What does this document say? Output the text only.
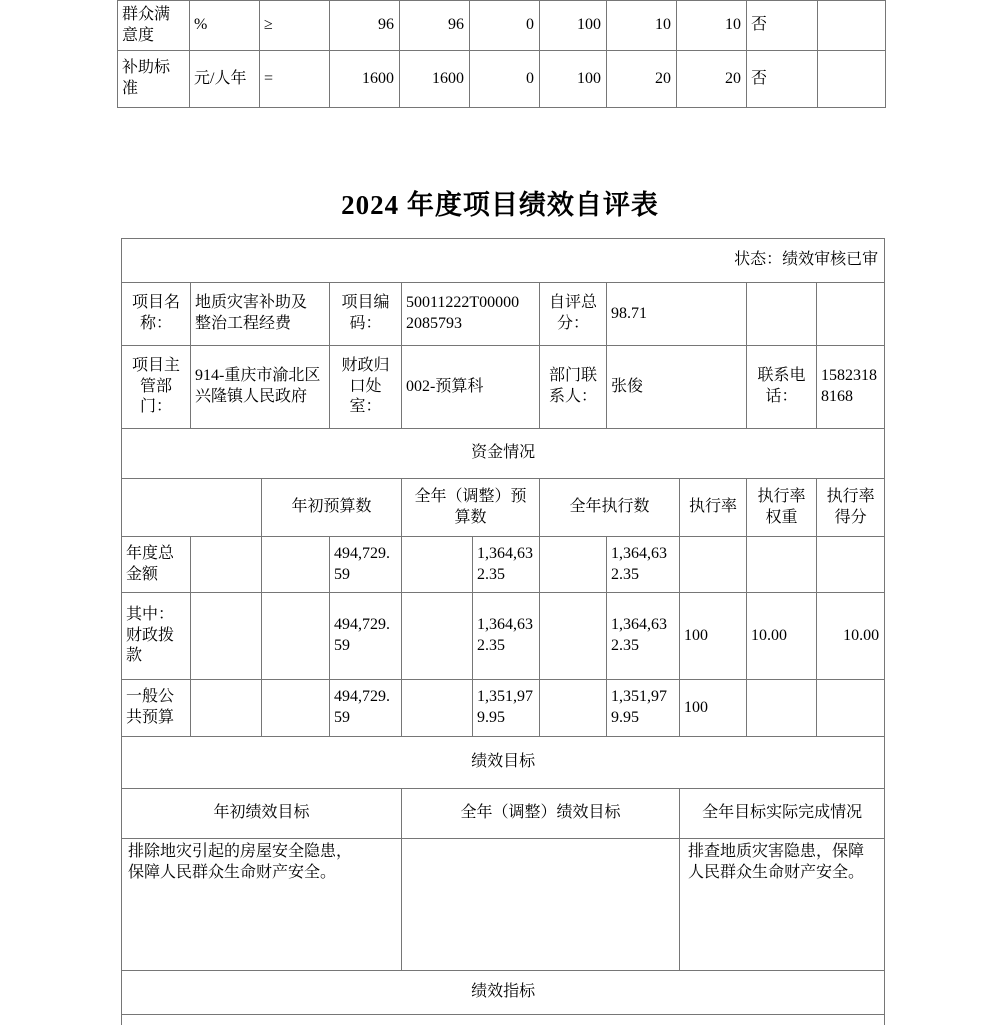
群众满意度	%	≥	96	96	0	100	10	10	否	
补助标准	元/人年	=	1600	1600	0	100	20	20	否	
2024 年度项目绩效自评表
状态：绩效审核已审										
项目名称：	地质灾害补助及整治工程经费		项目编码：	50011222T000002085793		自评总分：	98.71			
项目主管部门：	914-重庆市渝北区兴隆镇人民政府		财政归口处室：	002-预算科		部门联系人：	张俊		联系电话：	15823188168
资金情况										
		年初预算数		全年（调整）预算数		全年执行数		执行率	执行率权重	执行率得分
年度总金额			494,729.59		1,364,632.35		1,364,632.35			
其中：财政拨款			494,729.59		1,364,632.35		1,364,632.35	100	10.00	10.00
一般公共预算			494,729.59		1,351,979.95		1,351,979.95	100		
绩效目标										
年初绩效目标				全年（调整）绩效目标				全年目标实际完成情况		
排除地灾引起的房屋安全隐患，保障人民群众生命财产安全。								排查地质灾害隐患，保障人民群众生命财产安全。		
绩效指标										
